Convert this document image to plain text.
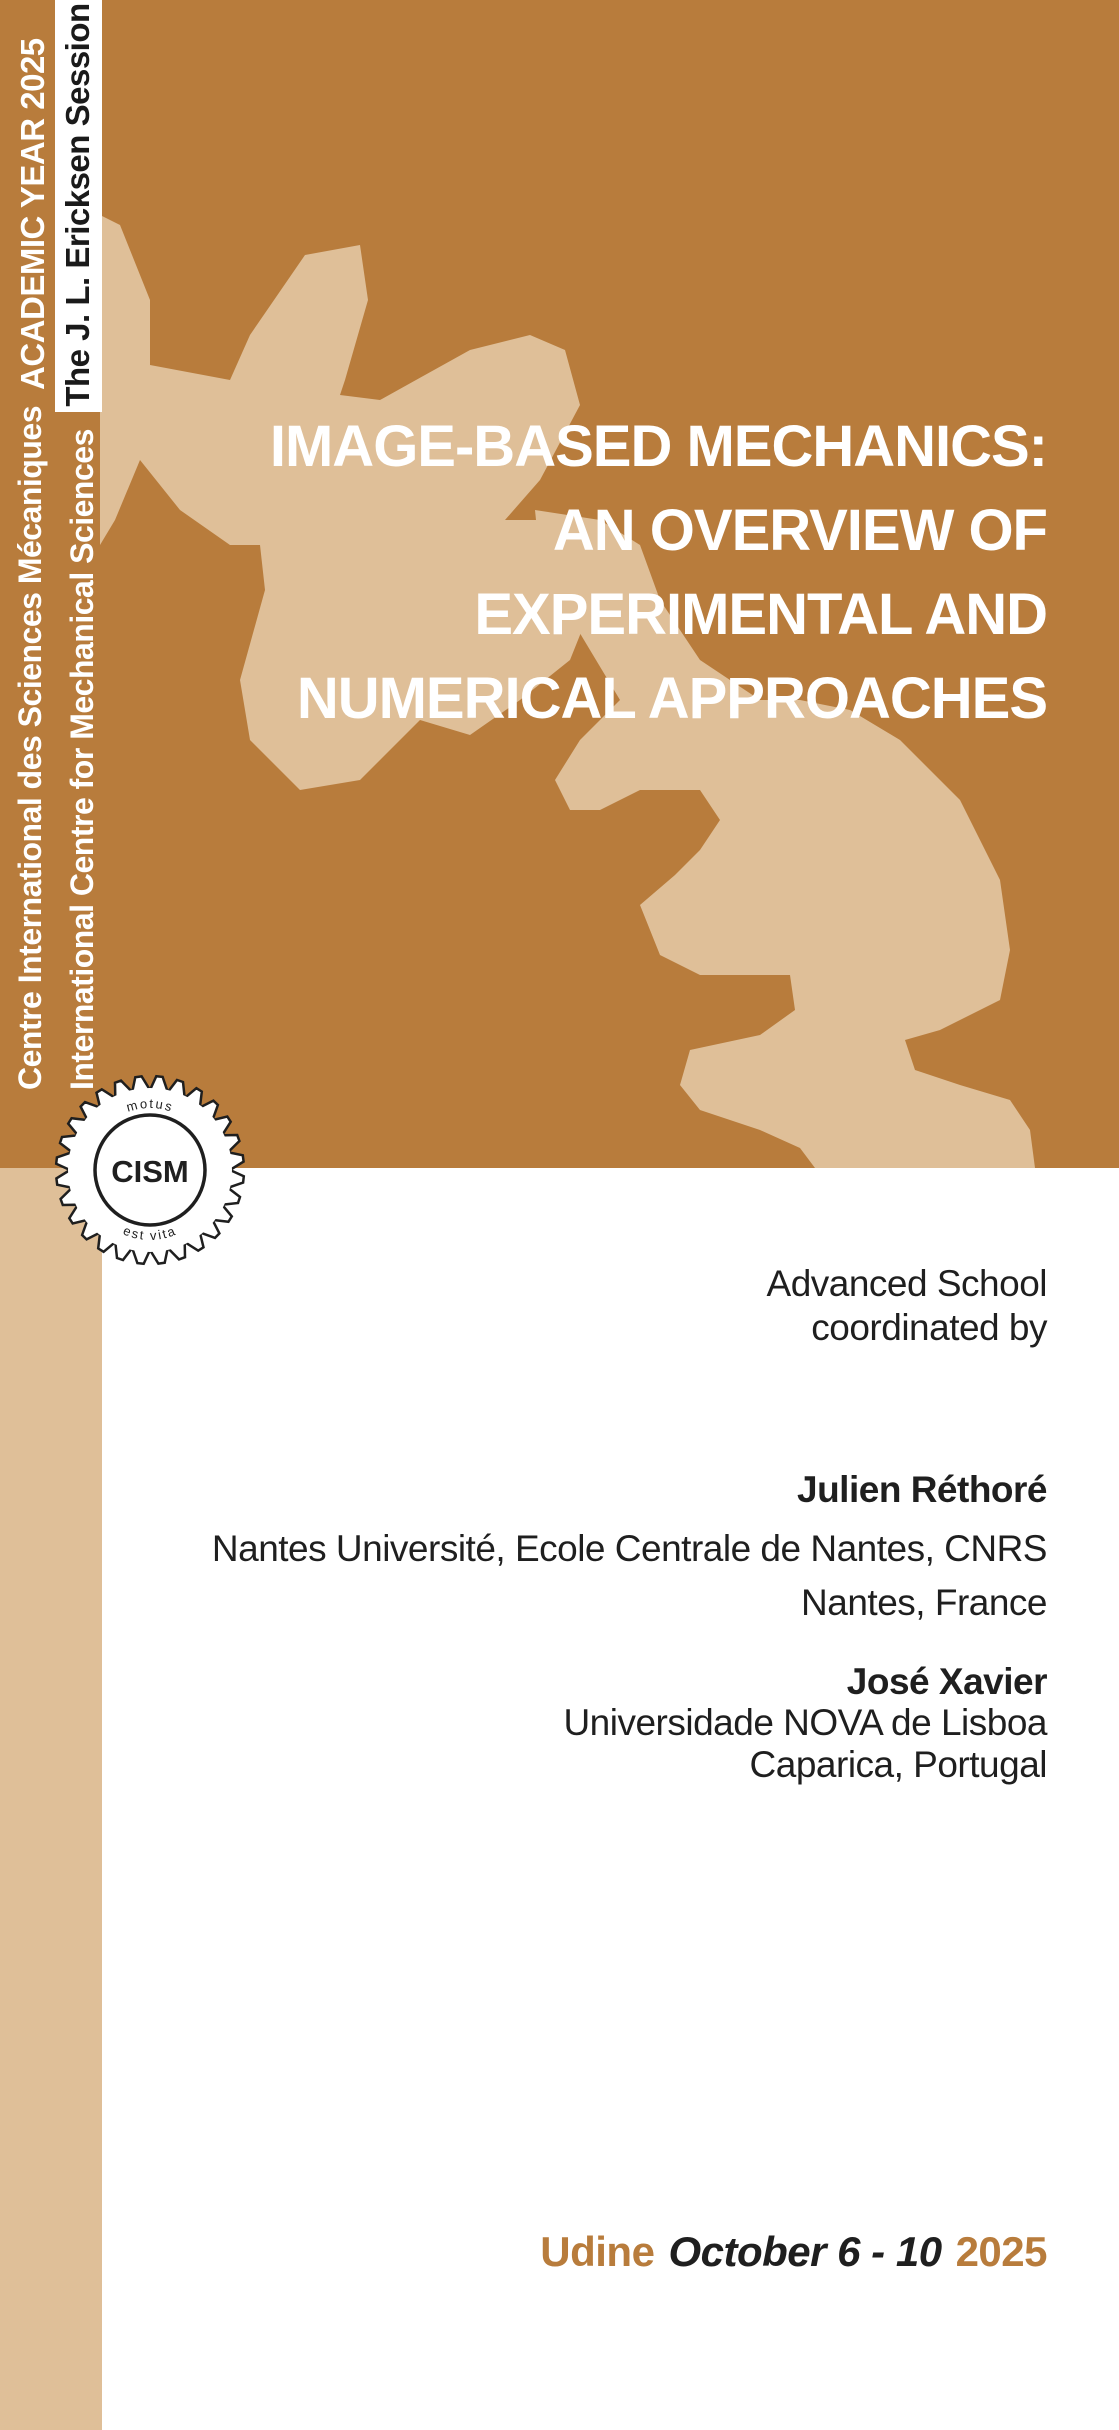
ACADEMIC YEAR 2025 The J. L. Ericksen Session
Centre International des Sciences Mécaniques International Centre for Mechanical Sciences	IMAGE-BASED MECHANICS:
AN OVERVIEW OF
EXPERIMENTAL AND
NUMERICAL APPROACHES
motus
est vita
CISM
Advanced School
coordinated by
Julien Réthoré
Nantes Université, Ecole Centrale de Nantes, CNRS
Nantes, France
José Xavier
Universidade NOVA de Lisboa
Caparica, Portugal
Udine October 6 - 10 2025
